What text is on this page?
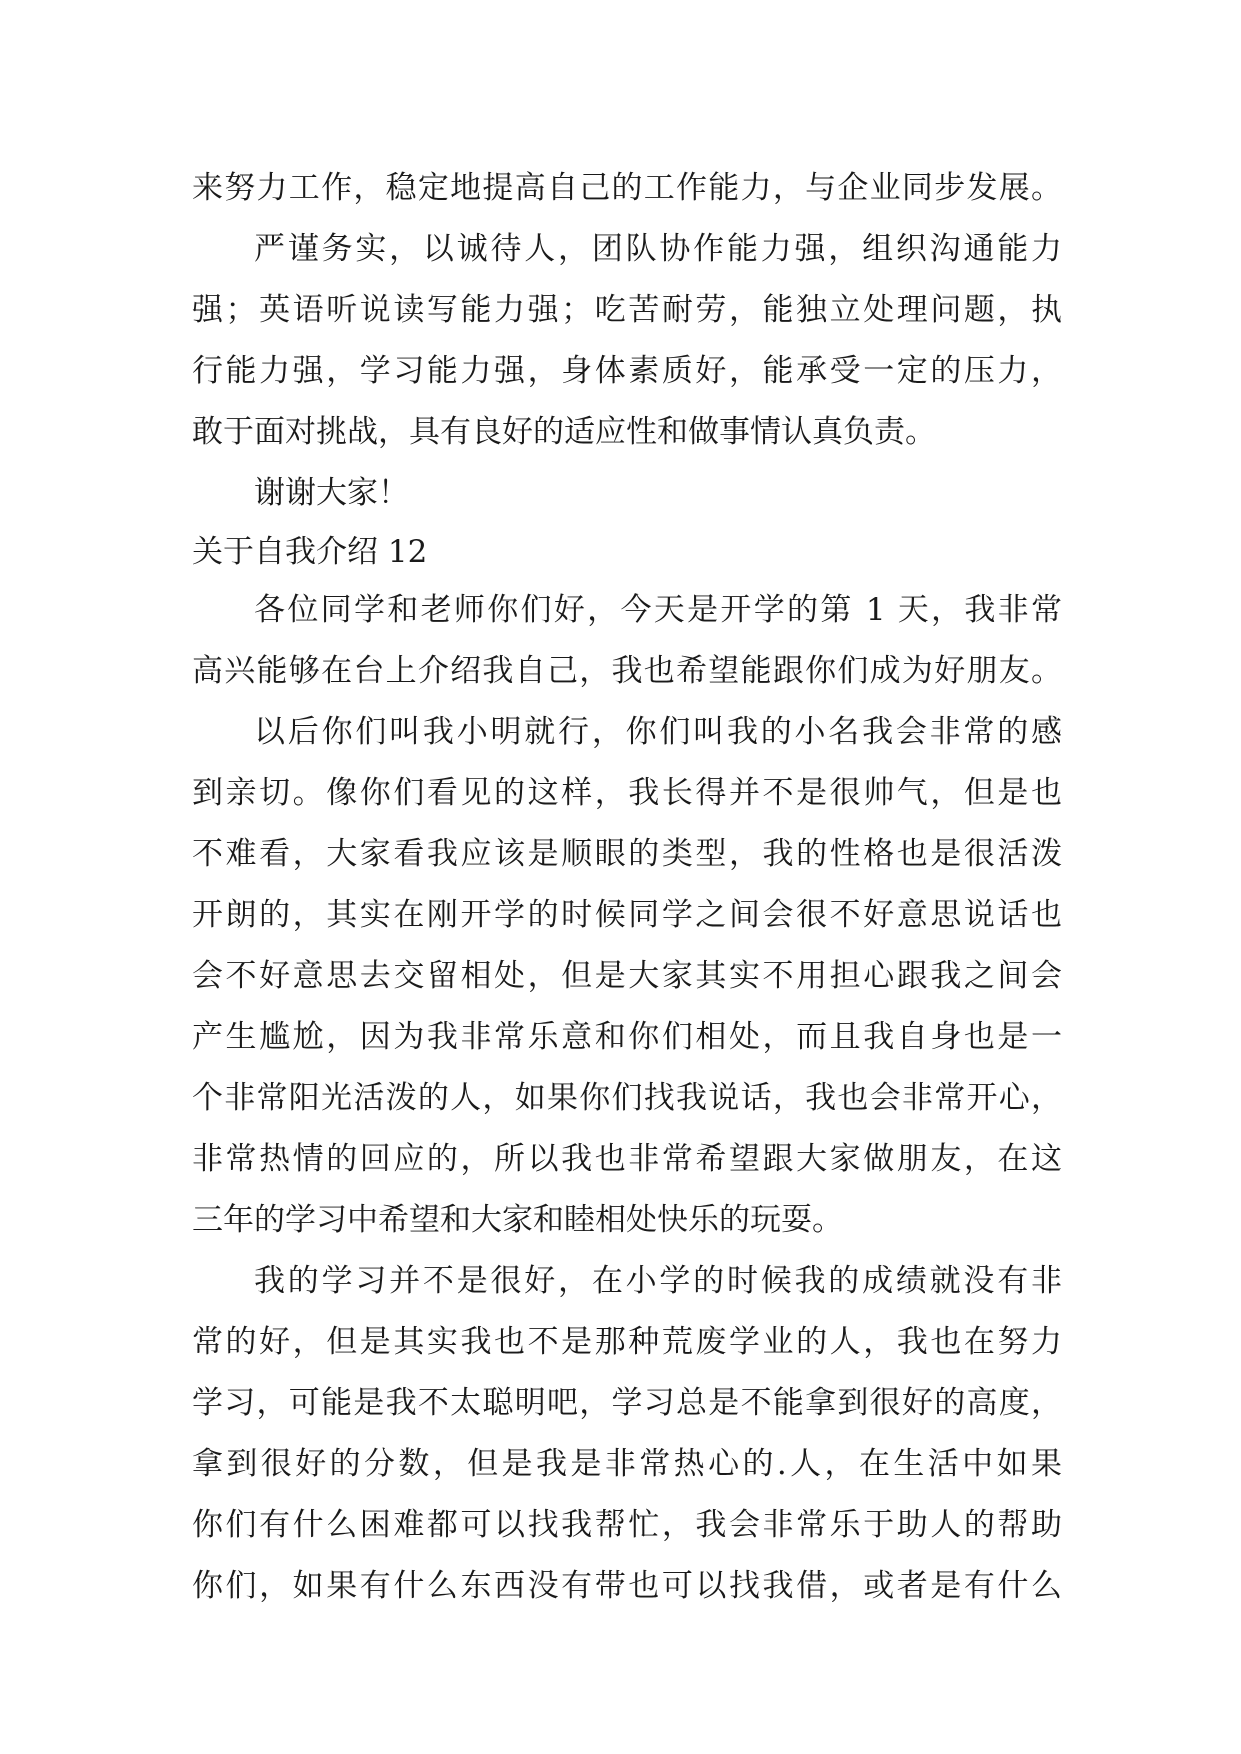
来努力工作，稳定地提高自己的工作能力，与企业同步发展。
严谨务实，以诚待人，团队协作能力强，组织沟通能力
强；英语听说读写能力强；吃苦耐劳，能独立处理问题，执
行能力强，学习能力强，身体素质好，能承受一定的压力，
敢于面对挑战，具有良好的适应性和做事情认真负责。
谢谢大家！
关于自我介绍 12
各位同学和老师你们好，今天是开学的第 1 天，我非常
高兴能够在台上介绍我自己，我也希望能跟你们成为好朋友。
以后你们叫我小明就行，你们叫我的小名我会非常的感
到亲切。像你们看见的这样，我长得并不是很帅气，但是也
不难看，大家看我应该是顺眼的类型，我的性格也是很活泼
开朗的，其实在刚开学的时候同学之间会很不好意思说话也
会不好意思去交留相处，但是大家其实不用担心跟我之间会
产生尴尬，因为我非常乐意和你们相处，而且我自身也是一
个非常阳光活泼的人，如果你们找我说话，我也会非常开心，
非常热情的回应的，所以我也非常希望跟大家做朋友，在这
三年的学习中希望和大家和睦相处快乐的玩耍。
我的学习并不是很好，在小学的时候我的成绩就没有非
常的好，但是其实我也不是那种荒废学业的人，我也在努力
学习，可能是我不太聪明吧，学习总是不能拿到很好的高度，
拿到很好的分数，但是我是非常热心的.人，在生活中如果
你们有什么困难都可以找我帮忙，我会非常乐于助人的帮助
你们，如果有什么东西没有带也可以找我借，或者是有什么
